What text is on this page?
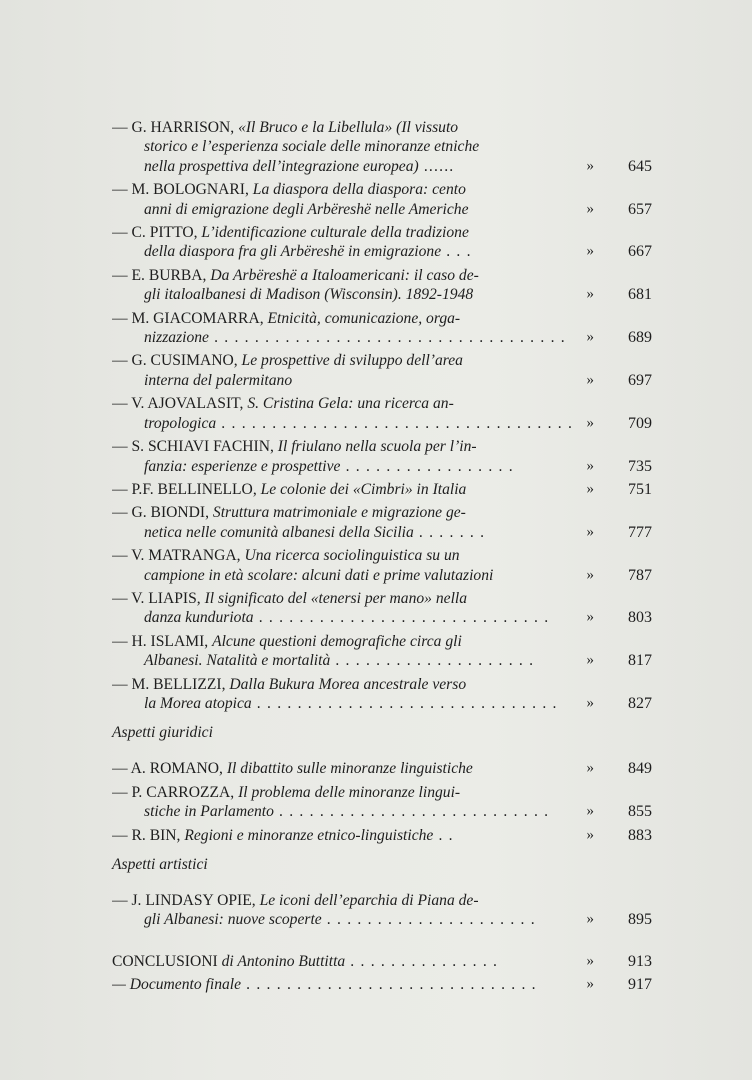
— G. HARRISON, «Il Bruco e la Libellula» (Il vissuto
storico e l’esperienza sociale delle minoranze etniche
nella prospettiva dell’integrazione europea) ......	»	645
— M. BOLOGNARI, La diaspora della diaspora: cento
anni di emigrazione degli Arbëreshë nelle Americhe	»	657
— C. PITTO, L’identificazione culturale della tradizione
della diaspora fra gli Arbëreshë in emigrazione . . .	»	667
— E. BURBA, Da Arbëreshë a Italoamericani: il caso de-
gli italoalbanesi di Madison (Wisconsin). 1892-1948	»	681
— M. GIACOMARRA, Etnicità, comunicazione, orga-
nizzazione . . . . . . . . . . . . . . . . . . . . . . . . . . . . . . . . . . .	»	689
— G. CUSIMANO, Le prospettive di sviluppo dell’area
interna del palermitano	»	697
— V. AJOVALASIT, S. Cristina Gela: una ricerca an-
tropologica . . . . . . . . . . . . . . . . . . . . . . . . . . . . . . . . . . . »	709
— S. SCHIAVI FACHIN, Il friulano nella scuola per l’in-
fanzia: esperienze e prospettive . . . . . . . . . . . . . . . . .	»	735
— P.F. BELLINELLO, Le colonie dei «Cimbri» in Italia	»	751
— G. BIONDI, Struttura matrimoniale e migrazione ge-
netica nelle comunità albanesi della Sicilia . . . . . . .	»	777
— V. MATRANGA, Una ricerca sociolinguistica su un
campione in età scolare: alcuni dati e prime valutazioni	»	787
— V. LIAPIS, Il significato del «tenersi per mano» nella
danza kunduriota . . . . . . . . . . . . . . . . . . . . . . . . . . . . .	»	803
— H. ISLAMI, Alcune questioni demografiche circa gli
Albanesi. Natalità e mortalità . . . . . . . . . . . . . . . . . . . .	»	817
— M. BELLIZZI, Dalla Bukura Morea ancestrale verso
la Morea atopica . . . . . . . . . . . . . . . . . . . . . . . . . . . . . .	»	827
Aspetti giuridici
— A. ROMANO, Il dibattito sulle minoranze linguistiche	»	849
— P. CARROZZA, Il problema delle minoranze lingui-
stiche in Parlamento . . . . . . . . . . . . . . . . . . . . . . . . . . .	»	855
— R. BIN, Regioni e minoranze etnico-linguistiche . .	»	883
Aspetti artistici
— J. LINDASY OPIE, Le iconi dell’eparchia di Piana de-
gli Albanesi: nuove scoperte . . . . . . . . . . . . . . . . . . . . .	»	895
CONCLUSIONI di Antonino Buttitta . . . . . . . . . . . . . . .	»	913
— Documento finale . . . . . . . . . . . . . . . . . . . . . . . . . . . . .	»	917
